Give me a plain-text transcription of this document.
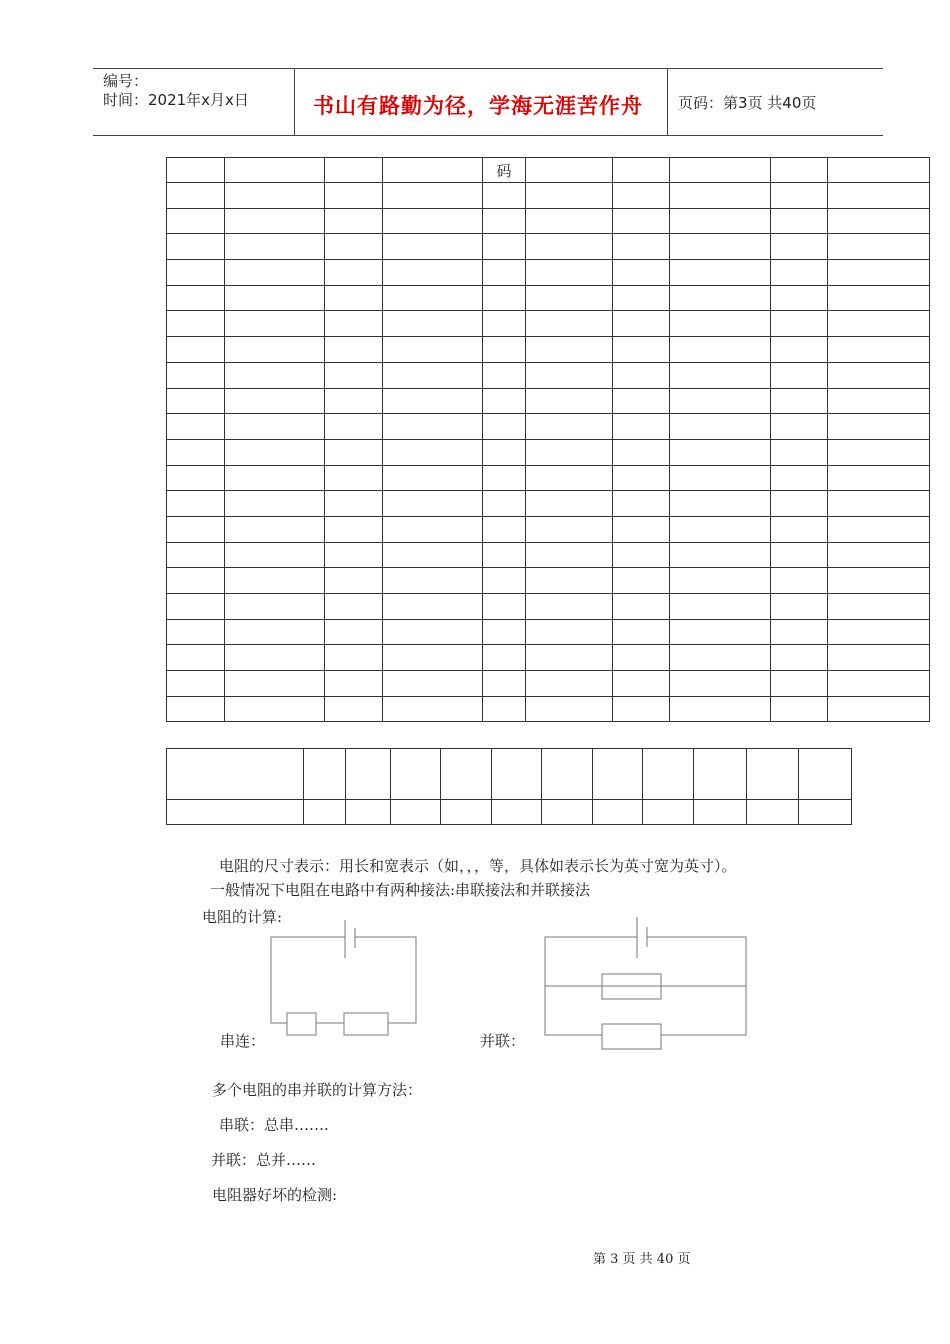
编号：
时间：2021年x月x日	书山有路勤为径，学海无涯苦作舟 页码：第3页 共40页
				码					

电阻的尺寸表示：用长和宽表示（如，，，等，具体如表示长为英寸宽为英寸）。
一般情况下电阻在电路中有两种接法:串联接法和并联接法
电阻的计算:
串连：	并联：
多个电阻的串并联的计算方法：
串联：总串…….
并联：总并……
电阻器好坏的检测:
第 3 页 共 40 页
